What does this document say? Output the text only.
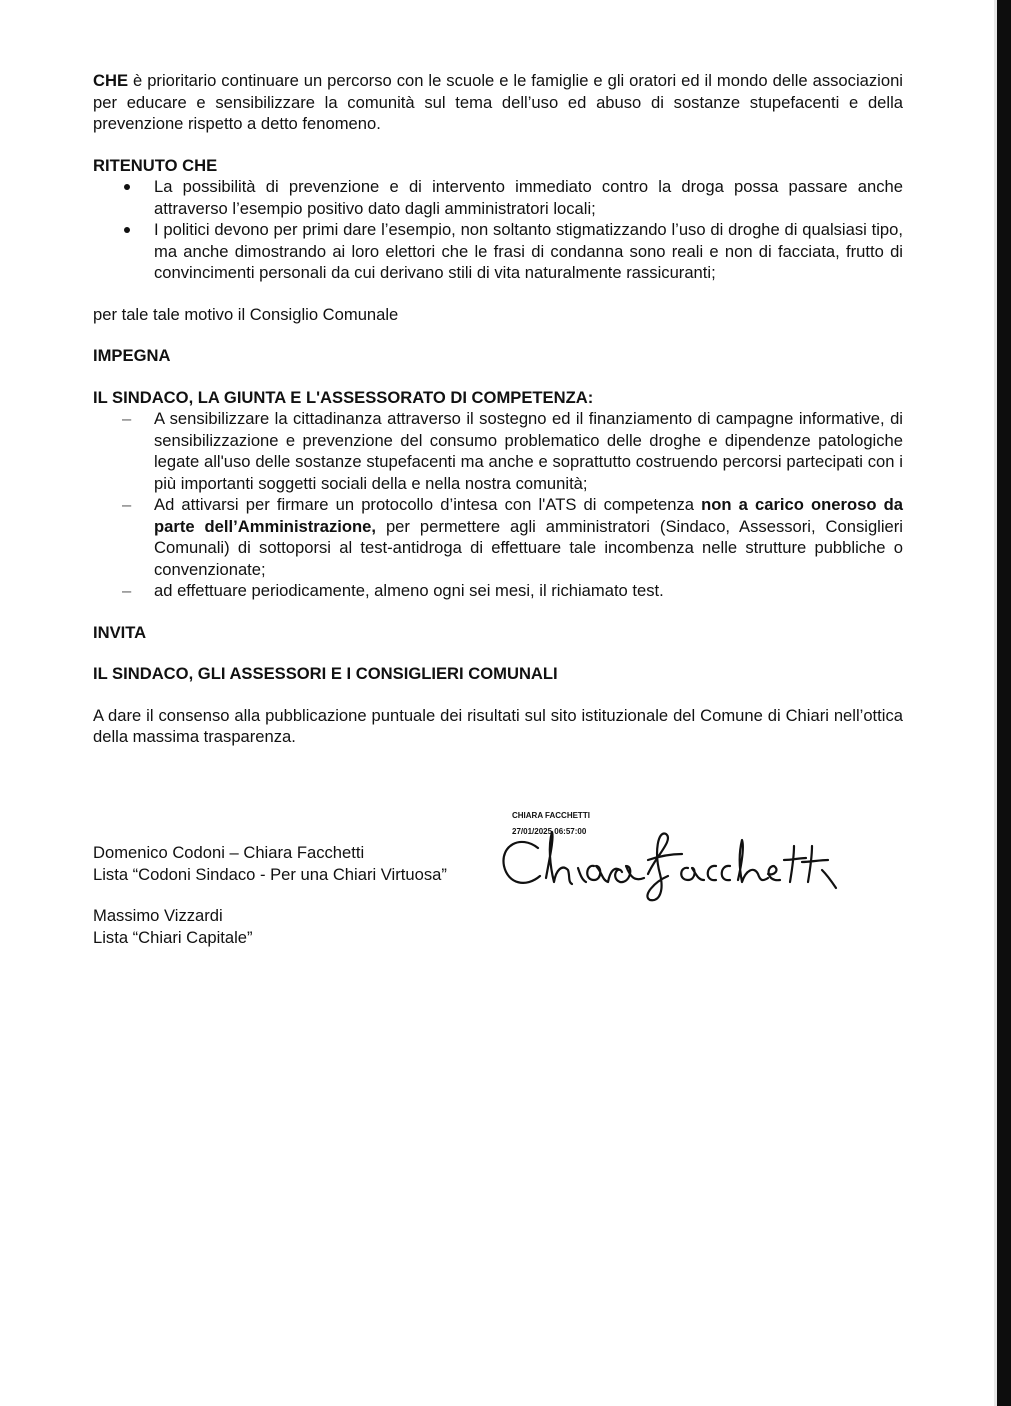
CHE è prioritario continuare un percorso con le scuole e le famiglie e gli oratori ed il mondo delle associazioni per educare e sensibilizzare la comunità sul tema dell’uso ed abuso di sostanze stupefacenti e della prevenzione rispetto a detto fenomeno.

RITENUTO CHE

La possibilità di prevenzione e di intervento immediato contro la droga possa passare anche attraverso l’esempio positivo dato dagli amministratori locali;
I politici devono per primi dare l’esempio, non soltanto stigmatizzando l’uso di droghe di qualsiasi tipo, ma anche dimostrando ai loro elettori che le frasi di condanna sono reali e non di facciata, frutto di convincimenti personali da cui derivano stili di vita naturalmente rassicuranti;

per tale tale motivo il Consiglio Comunale

IMPEGNA

IL SINDACO, LA GIUNTA E L'ASSESSORATO DI COMPETENZA:

– A sensibilizzare la cittadinanza attraverso il sostegno ed il finanziamento di campagne informative, di sensibilizzazione e prevenzione del consumo problematico delle droghe e dipendenze patologiche legate all'uso delle sostanze stupefacenti ma anche e soprattutto costruendo percorsi partecipati con i più importanti soggetti sociali della e nella nostra comunità;
– Ad attivarsi per firmare un protocollo d’intesa con l'ATS di competenza non a carico oneroso da parte dell’Amministrazione, per permettere agli amministratori (Sindaco, Assessori, Consiglieri Comunali) di sottoporsi al test-antidroga di effettuare tale incombenza nelle strutture pubbliche o convenzionate;
– ad effettuare periodicamente, almeno ogni sei mesi, il richiamato test.

INVITA

IL SINDACO, GLI ASSESSORI E I CONSIGLIERI COMUNALI

A dare il consenso alla pubblicazione puntuale dei risultati sul sito istituzionale del Comune di Chiari nell’ottica della massima trasparenza.

CHIARA FACCHETTI
27/01/2025 06:57:00
Domenico Codoni – Chiara Facchetti
Lista “Codoni Sindaco - Per una Chiari Virtuosa”
Massimo Vizzardi
Lista “Chiari Capitale”
